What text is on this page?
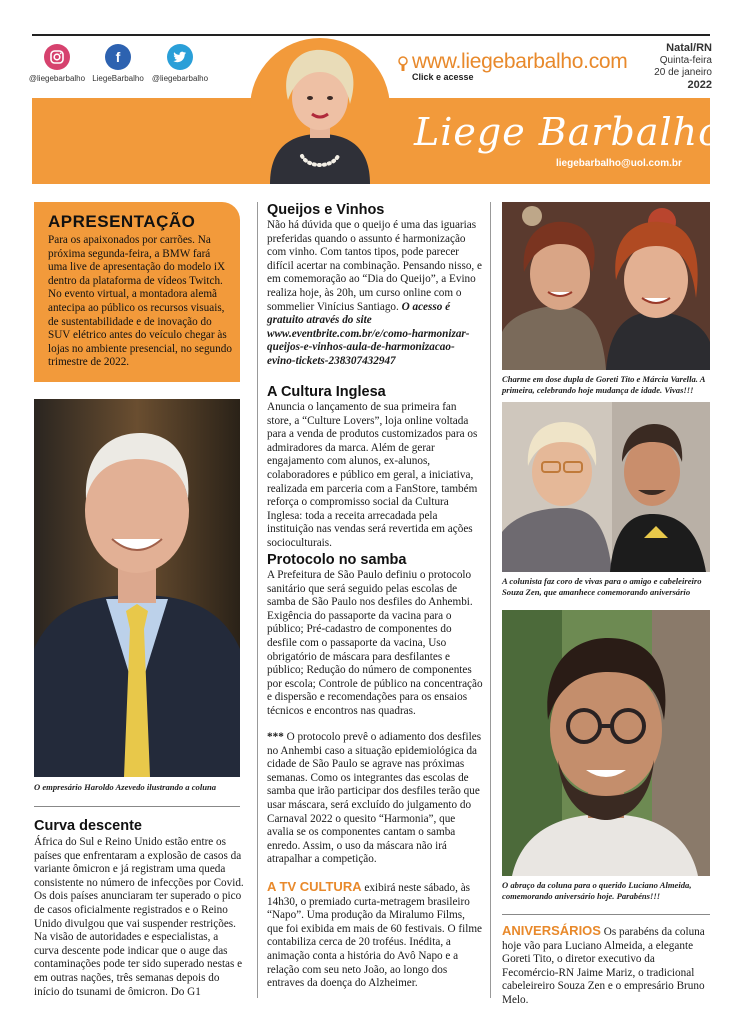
@liegebarbalho
f
LiegeBarbalho	@liegebarbalho
www.liegebarbalho.com
Click e acesse
Natal/RN
Quinta-feira
20 de janeiro
2022
Liege Barbalho
liegebarbalho@uol.com.br
APRESENTAÇÃO

Para os apaixonados por carrões. Na próxima segunda-feira, a BMW fará uma live de apresentação do modelo iX dentro da plataforma de vídeos Twitch. No evento virtual, a montadora alemã antecipa ao público os recursos visuais, de sustentabilidade e de inovação do SUV elétrico antes do veículo chegar às lojas no ambiente presencial, no segundo trimestre de 2022.

O empresário Haroldo Azevedo ilustrando a coluna
Curva descente
África do Sul e Reino Unido estão entre os países que enfrentaram a explosão de casos da variante ômicron e já registram uma queda consistente no número de infecções por Covid. Os dois países anunciaram ter superado o pico de casos oficialmente registrados e o Reino Unido divulgou que vai suspender restrições. Na visão de autoridades e especialistas, a curva descente pode indicar que o auge das contaminações pode ter sido superado nestas e em outras nações, três semanas depois do início do tsunami de ômicron. Do G1
Queijos e Vinhos
Não há dúvida que o queijo é uma das iguarias preferidas quando o assunto é harmonização com vinho. Com tantos tipos, pode parecer difícil acertar na combinação. Pensando nisso, e em comemoração ao “Dia do Queijo”, a Evino realiza hoje, às 20h, um curso online com o sommelier Vinícius Santiago. O acesso é gratuito através do site www.eventbrite.com.br/e/como-harmonizar-queijos-e-vinhos-aula-de-harmonizacao-evino-tickets-238307432947
A Cultura Inglesa
Anuncia o lançamento de sua primeira fan store, a “Culture Lovers”, loja online voltada para a venda de produtos customizados para os admiradores da marca. Além de gerar engajamento com alunos, ex-alunos, colaboradores e público em geral, a iniciativa, realizada em parceria com a FanStore, também reforça o compromisso social da Cultura Inglesa: toda a receita arrecadada pela instituição nas vendas será revertida em ações socioculturais.
Protocolo no samba
A Prefeitura de São Paulo definiu o protocolo sanitário que será seguido pelas escolas de samba de São Paulo nos desfiles do Anhembi. Exigência do passaporte da vacina para o público; Pré-cadastro de componentes do desfile com o passaporte da vacina, Uso obrigatório de máscara para desfilantes e público; Redução do número de componentes por escola; Controle de público na concentração e dispersão e recomendações para os ensaios técnicos e encontros nas quadras.
*** O protocolo prevê o adiamento dos desfiles no Anhembi caso a situação epidemiológica da cidade de São Paulo se agrave nas próximas semanas. Como os integrantes das escolas de samba que irão participar dos desfiles terão que usar máscara, será excluído do julgamento do Carnaval 2022 o quesito “Harmonia”, que avalia se os componentes cantam o samba enredo. Assim, o uso da máscara não irá atrapalhar a competição.
A TV CULTURA exibirá neste sábado, às 14h30, o premiado curta-metragem brasileiro “Napo”. Uma produção da Miralumo Films, que foi exibida em mais de 60 festivais. O filme contabiliza cerca de 20 troféus. Inédita, a animação conta a história do Avô Napo e a relação com seu neto João, ao longo dos entraves da doença do Alzheimer.
Charme em dose dupla de Goreti Tito e Márcia Varella. A primeira, celebrando hoje mudança de idade. Vivas!!!
A colunista faz coro de vivas para o amigo e cabeleireiro Souza Zen, que amanhece comemorando aniversário
O abraço da coluna para o querido Luciano Almeida, comemorando aniversário hoje. Parabéns!!!
ANIVERSÁRIOS Os parabéns da coluna hoje vão para Luciano Almeida, a elegante Goreti Tito, o diretor executivo da Fecomércio-RN Jaime Mariz, o tradicional cabeleireiro Souza Zen e o empresário Bruno Melo.
